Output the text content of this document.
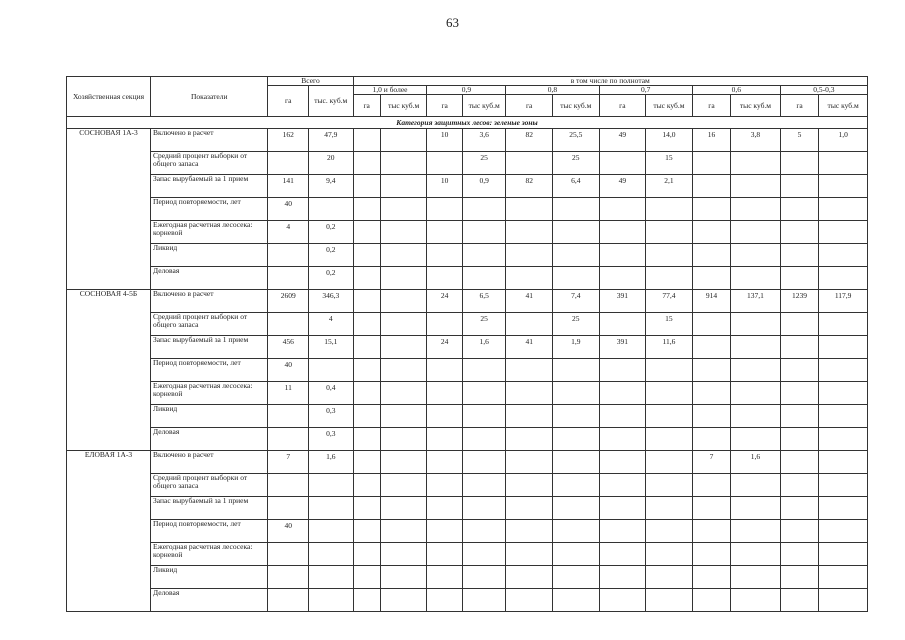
63
Хозяйственная секция	Показатели	Всего		в том числе по полнотам											
		га	тыс. куб.м	1,0 и более		0,9		0,8		0,7		0,6		0,5-0,3	
				га	тыс куб.м	га	тыс куб.м	га	тыс куб.м	га	тыс куб.м	га	тыс куб.м	га	тыс куб.м
Категория защитных лесов: зеленые зоны															
СОСНОВАЯ 1А-3	Включено в расчет	162	47,9			10	3,6	82	25,5	49	14,0	16	3,8	5	1,0
	Средний процент выборки от общего запаса		20				25		25		15				
	Запас вырубаемый за 1 прием	141	9,4			10	0,9	82	6,4	49	2,1				
	Период повторяемости, лет	40													
	Ежегодная расчетная лесосека: корневой	4	0,2												
	Ликвид		0,2												
	Деловая		0,2												
СОСНОВАЯ 4-5Б	Включено в расчет	2609	346,3			24	6,5	41	7,4	391	77,4	914	137,1	1239	117,9
	Средний процент выборки от общего запаса		4				25		25		15				
	Запас вырубаемый за 1 прием	456	15,1			24	1,6	41	1,9	391	11,6				
	Период повторяемости, лет	40													
	Ежегодная расчетная лесосека: корневой	11	0,4												
	Ликвид		0,3												
	Деловая		0,3												
ЕЛОВАЯ 1А-3	Включено в расчет	7	1,6									7	1,6		
	Средний процент выборки от общего запаса														
	Запас вырубаемый за 1 прием														
	Период повторяемости, лет	40													
	Ежегодная расчетная лесосека: корневой														
	Ликвид														
	Деловая														
